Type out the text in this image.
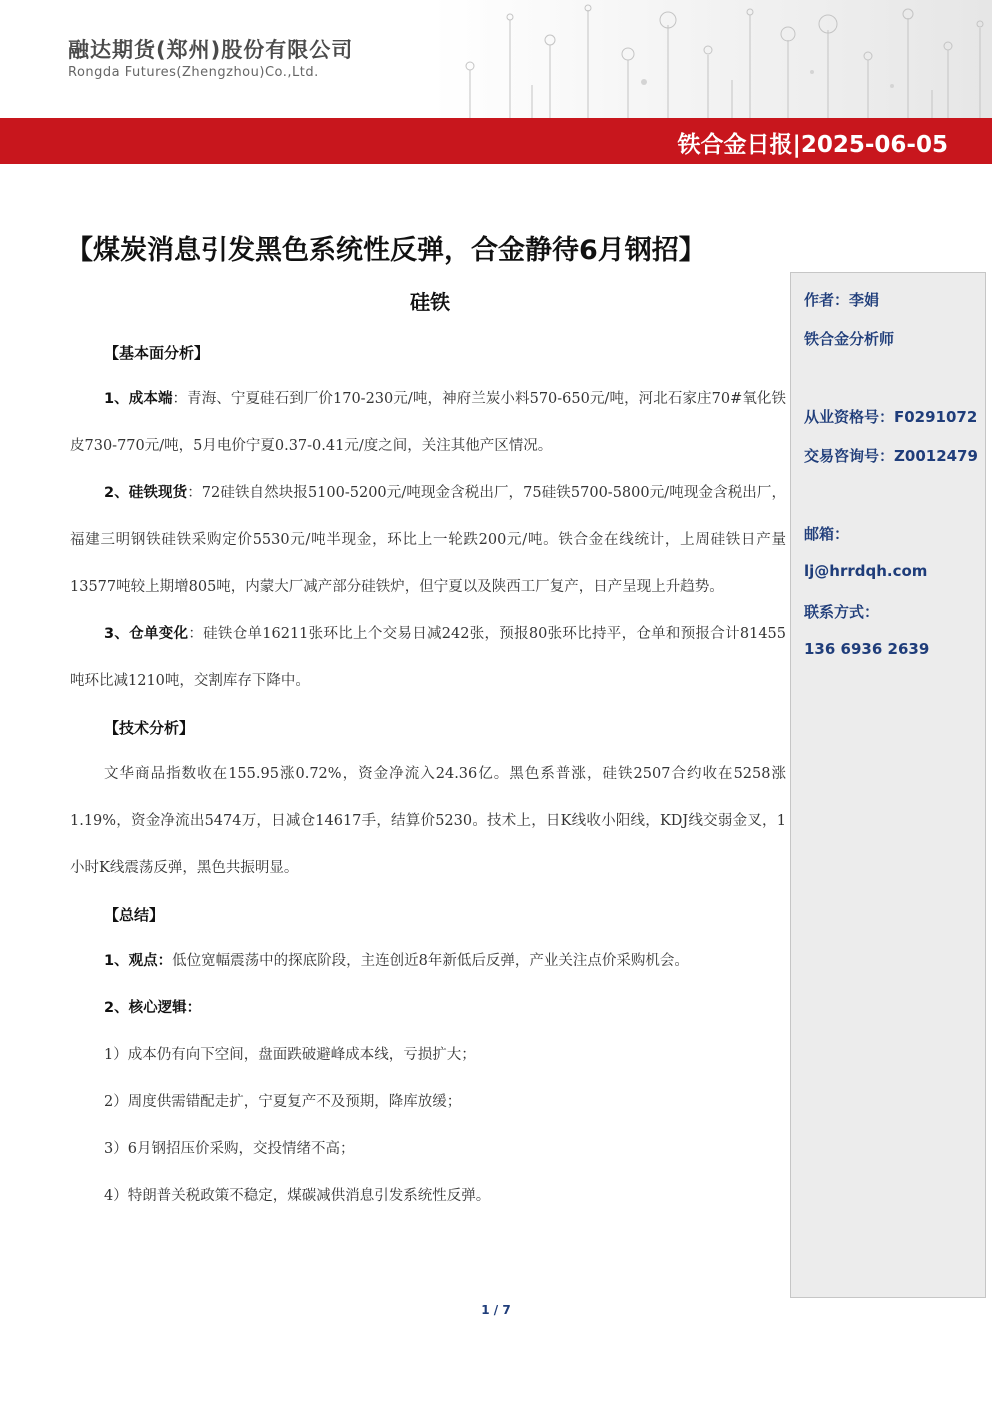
融达期货(郑州)股份有限公司
Rongda Futures(Zhengzhou)Co.,Ltd.
铁合金日报|2025-06-05
【煤炭消息引发黑色系统性反弹，合金静待6月钢招】
作者：李娟
铁合金分析师
从业资格号：F0291072
交易咨询号：Z0012479
邮箱：
lj@hrrdqh.com
联系方式：
136 6936 2639
硅铁
【基本面分析】
1、成本端：青海、宁夏硅石到厂价170-230元/吨，神府兰炭小料570-650元/吨，河北石家庄70#氧化铁皮730-770元/吨，5月电价宁夏0.37-0.41元/度之间，关注其他产区情况。
2、硅铁现货：72硅铁自然块报5100-5200元/吨现金含税出厂，75硅铁5700-5800元/吨现金含税出厂，福建三明钢铁硅铁采购定价5530元/吨半现金，环比上一轮跌200元/吨。铁合金在线统计，上周硅铁日产量13577吨较上期增805吨，内蒙大厂减产部分硅铁炉，但宁夏以及陕西工厂复产，日产呈现上升趋势。
3、仓单变化：硅铁仓单16211张环比上个交易日减242张，预报80张环比持平，仓单和预报合计81455吨环比减1210吨，交割库存下降中。
【技术分析】
文华商品指数收在155.95涨0.72%，资金净流入24.36亿。黑色系普涨，硅铁2507合约收在5258涨1.19%，资金净流出5474万，日减仓14617手，结算价5230。技术上，日K线收小阳线，KDJ线交弱金叉，1小时K线震荡反弹，黑色共振明显。
【总结】
1、观点：低位宽幅震荡中的探底阶段，主连创近8年新低后反弹，产业关注点价采购机会。
2、核心逻辑：
1）成本仍有向下空间，盘面跌破避峰成本线，亏损扩大；
2）周度供需错配走扩，宁夏复产不及预期，降库放缓；
3）6月钢招压价采购，交投情绪不高；
4）特朗普关税政策不稳定，煤碳减供消息引发系统性反弹。
1 / 7
